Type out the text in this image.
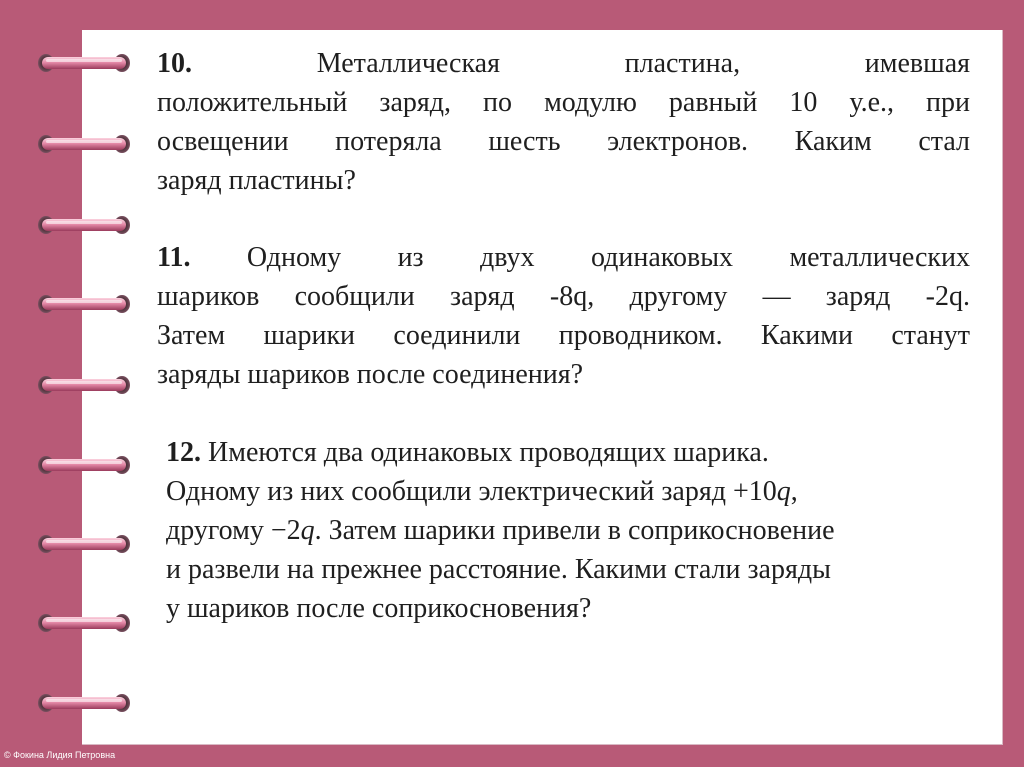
10.	Металлическая пластина, имевшая
положительный заряд, по модулю равный 10 у.е., при
освещении потеряла шесть электронов. Каким стал
заряд пластины?
11. Одному из двух одинаковых металлических
шариков сообщили заряд -8q, другому — заряд -2q.
Затем шарики соединили проводником. Какими станут
заряды шариков после соединения?
12. Имеются два одинаковых проводящих шарика.
Одному из них сообщили электрический заряд +10q,
другому −2q. Затем шарики привели в соприкосновение
и развели на прежнее расстояние. Какими стали заряды
у шариков после соприкосновения?
© Фокина Лидия Петровна
